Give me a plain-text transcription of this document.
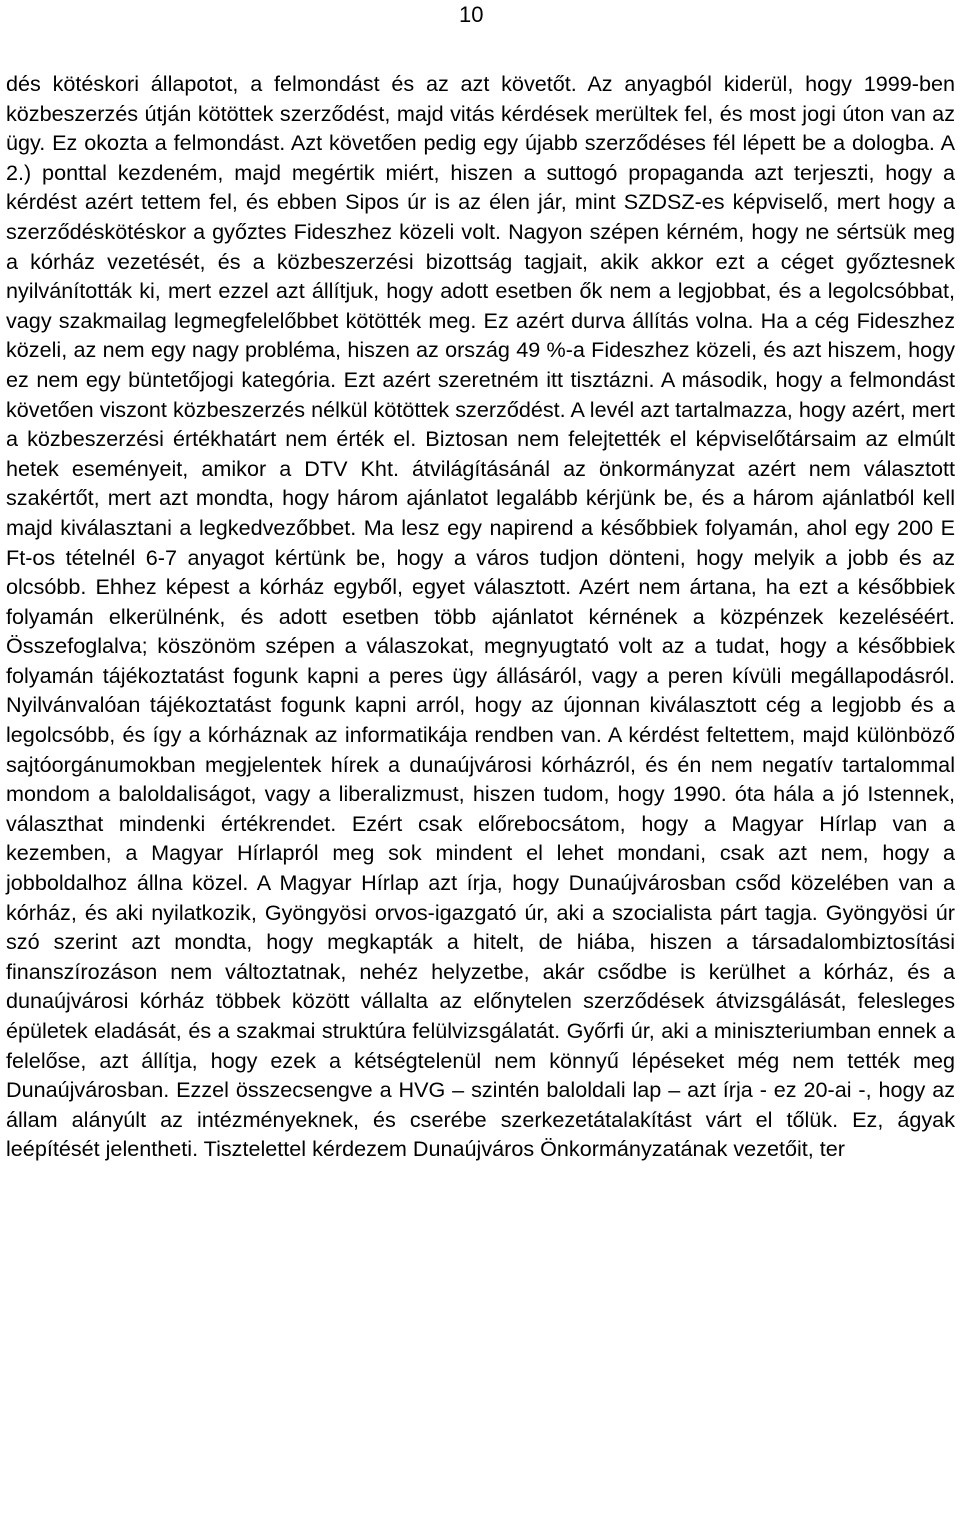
10

dés kötéskori állapotot, a felmondást és az azt követőt. Az anyagból kiderül, hogy 1999-ben közbeszerzés útján kötöttek szerződést, majd vitás kérdések merültek fel, és most jogi úton van az ügy. Ez okozta a felmondást. Azt követően pedig egy újabb szerződéses fél lépett be a dologba. A 2.) ponttal kezdeném, majd megértik miért, hiszen a suttogó propaganda azt terjeszti, hogy a kérdést azért tettem fel, és ebben Sipos úr is az élen jár, mint SZDSZ-es képviselő, mert hogy a szerződéskötéskor a győztes Fideszhez közeli volt. Nagyon szépen kérném, hogy ne sértsük meg a kórház vezetését, és a közbeszerzési bizottság tagjait, akik akkor ezt a céget győztesnek nyilvánították ki, mert ezzel azt állítjuk, hogy adott esetben ők nem a legjobbat, és a legolcsóbbat, vagy szakmailag legmegfelelőbbet kötötték meg. Ez azért durva állítás volna. Ha a cég Fideszhez közeli, az nem egy nagy probléma, hiszen az ország 49 %-a Fideszhez közeli, és azt hiszem, hogy ez nem egy büntetőjogi kategória. Ezt azért szeretném itt tisztázni. A második, hogy a felmondást követően viszont közbeszerzés nélkül kötöttek szerződést. A levél azt tartalmazza, hogy azért, mert a közbeszerzési értékhatárt nem érték el. Biztosan nem felejtették el képviselőtársaim az elmúlt hetek eseményeit, amikor a DTV Kht. átvilágításánál az önkormányzat azért nem választott szakértőt, mert azt mondta, hogy három ajánlatot legalább kérjünk be, és a három ajánlatból kell majd kiválasztani a legkedvezőbbet. Ma lesz egy napirend a későbbiek folyamán, ahol egy 200 E Ft-os tételnél 6-7 anyagot kértünk be, hogy a város tudjon dönteni, hogy melyik a jobb és az olcsóbb. Ehhez képest a kórház egyből, egyet választott. Azért nem ártana, ha ezt a későbbiek folyamán elkerülnénk, és adott esetben több ajánlatot kérnének a közpénzek kezeléséért. Összefoglalva; köszönöm szépen a válaszokat, megnyugtató volt az a tudat, hogy a későbbiek folyamán tájékoztatást fogunk kapni a peres ügy állásáról, vagy a peren kívüli megállapodásról. Nyilvánvalóan tájékoztatást fogunk kapni arról, hogy az újonnan kiválasztott cég a legjobb és a legolcsóbb, és így a kórháznak az informatikája rendben van. A kérdést feltettem, majd különböző sajtóorgánumokban megjelentek hírek a dunaújvárosi kórházról, és én nem negatív tartalommal mondom a baloldaliságot, vagy a liberalizmust, hiszen tudom, hogy 1990. óta hála a jó Istennek, választhat mindenki értékrendet. Ezért csak előrebocsátom, hogy a Magyar Hírlap van a kezemben, a Magyar Hírlapról meg sok mindent el lehet mondani, csak azt nem, hogy a jobboldalhoz állna közel. A Magyar Hírlap azt írja, hogy Dunaújvárosban csőd közelében van a kórház, és aki nyilatkozik, Gyöngyösi orvos-igazgató úr, aki a szocialista párt tagja. Gyöngyösi úr szó szerint azt mondta, hogy megkapták a hitelt, de hiába, hiszen a társadalombiztosítási finanszírozáson nem változtatnak, nehéz helyzetbe, akár csődbe is kerülhet a kórház, és a dunaújvárosi kórház többek között vállalta az előnytelen szerződések átvizsgálását, felesleges épületek eladását, és a szakmai struktúra felülvizsgálatát. Győrfi úr, aki a miniszteriumban ennek a felelőse, azt állítja, hogy ezek a kétségtelenül nem könnyű lépéseket még nem tették meg Dunaújvárosban. Ezzel összecsengve a HVG – szintén baloldali lap – azt írja - ez 20-ai -, hogy az állam alányúlt az intézményeknek, és cserébe szerkezetátalakítást várt el tőlük. Ez, ágyak leépítését jelentheti. Tisztelettel kérdezem Dunaújváros Önkormányzatának vezetőit, ter
